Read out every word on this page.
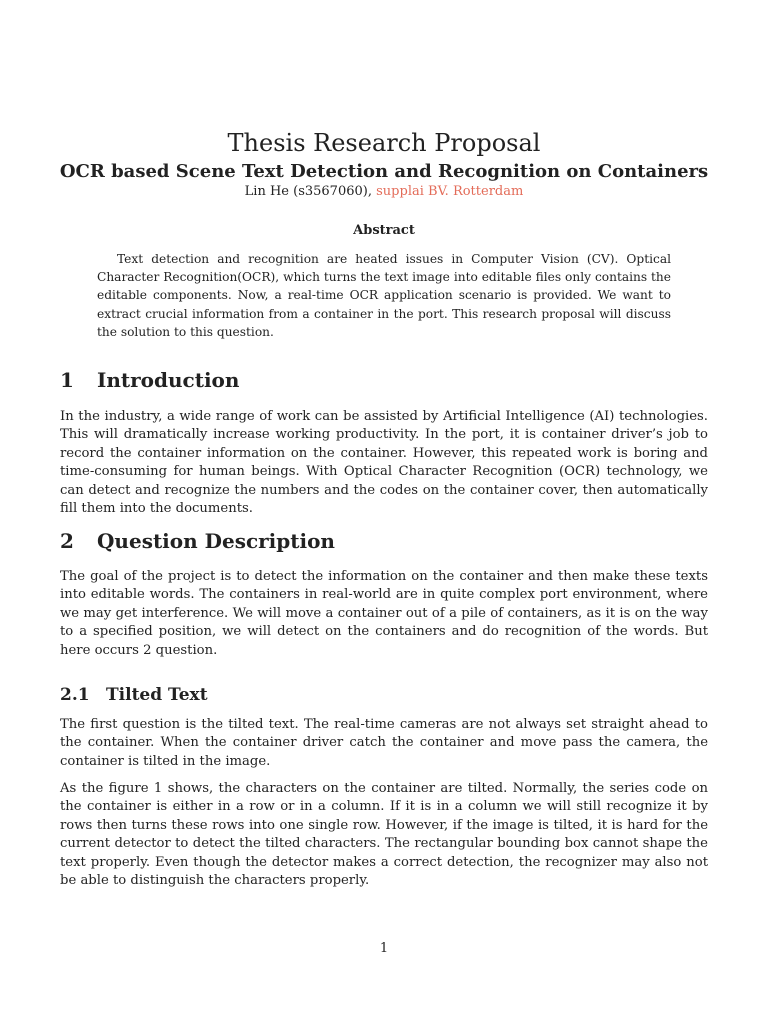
Thesis Research Proposal
OCR based Scene Text Detection and Recognition on Containers

Lin He (s3567060), supplai BV. Rotterdam

Abstract

Text detection and recognition are heated issues in Computer Vision (CV). Optical Character Recognition(OCR), which turns the text image into editable files only contains the editable components. Now, a real-time OCR application scenario is provided. We want to extract crucial information from a container in the port. This research proposal will discuss the solution to this question.

1 Introduction

In the industry, a wide range of work can be assisted by Artificial Intelligence (AI) technologies. This will dramatically increase working productivity. In the port, it is container driver’s job to record the container information on the container. However, this repeated work is boring and time-consuming for human beings. With Optical Character Recognition (OCR) technology, we can detect and recognize the numbers and the codes on the container cover, then automatically fill them into the documents.

2 Question Description

The goal of the project is to detect the information on the container and then make these texts into editable words. The containers in real-world are in quite complex port environment, where we may get interference. We will move a container out of a pile of containers, as it is on the way to a specified position, we will detect on the containers and do recognition of the words. But here occurs 2 question.

2.1 Tilted Text

The first question is the tilted text. The real-time cameras are not always set straight ahead to the container. When the container driver catch the container and move pass the camera, the container is tilted in the image.

As the figure 1 shows, the characters on the container are tilted. Normally, the series code on the container is either in a row or in a column. If it is in a column we will still recognize it by rows then turns these rows into one single row. However, if the image is tilted, it is hard for the current detector to detect the tilted characters. The rectangular bounding box cannot shape the text properly. Even though the detector makes a correct detection, the recognizer may also not be able to distinguish the characters properly.

1
